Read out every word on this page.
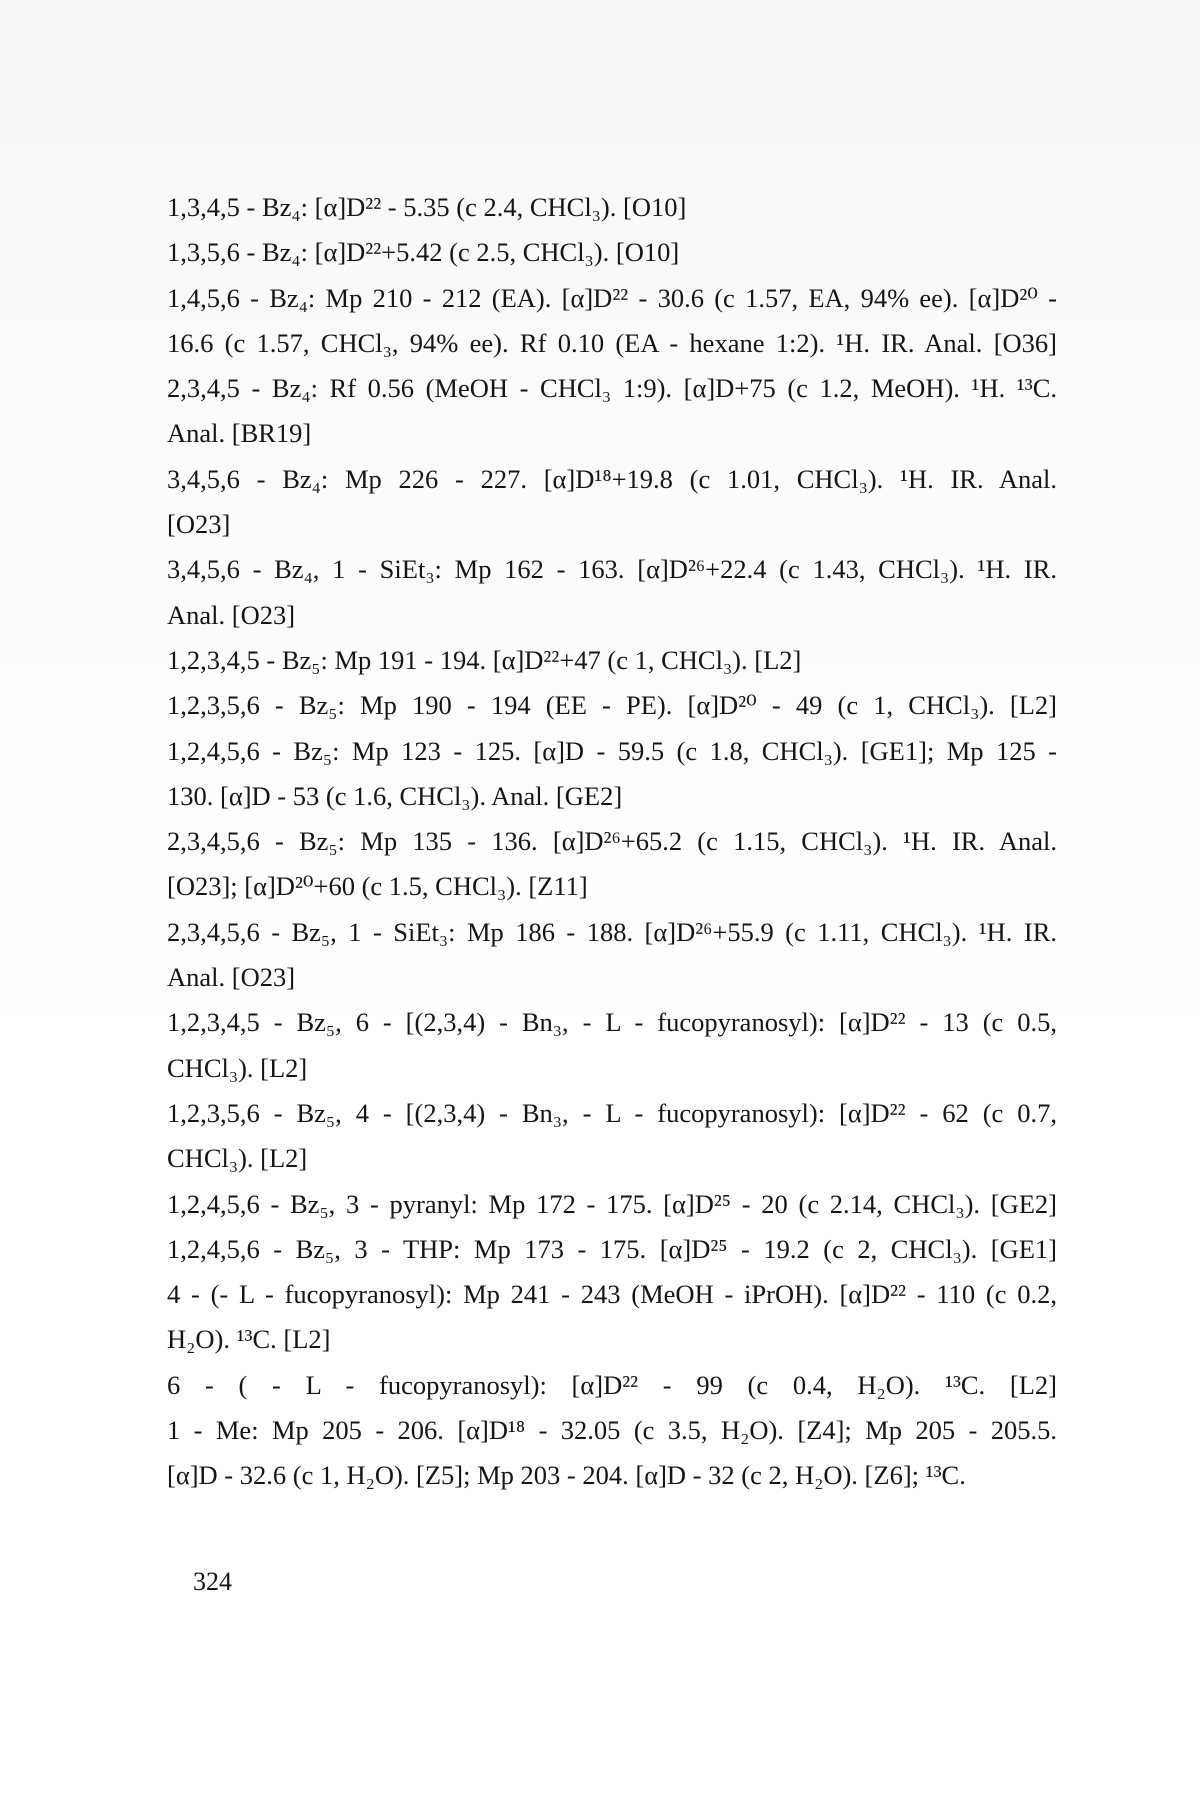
1,3,4,5 - Bz₄: [α]D²² - 5.35 (c 2.4, CHCl₃). [O10]
1,3,5,6 - Bz₄: [α]D²²+5.42 (c 2.5, CHCl₃). [O10]
1,4,5,6 - Bz₄: Mp 210 - 212 (EA). [α]D²² - 30.6 (c 1.57, EA, 94% ee). [α]D²⁰ -
16.6 (c 1.57, CHCl₃, 94% ee). Rf 0.10 (EA - hexane 1:2). ¹H. IR. Anal. [O36]
2,3,4,5 - Bz₄: Rf 0.56 (MeOH - CHCl₃ 1:9). [α]D+75 (c 1.2, MeOH). ¹H. ¹³C.
Anal. [BR19]
3,4,5,6 - Bz₄: Mp 226 - 227. [α]D¹⁸+19.8 (c 1.01, CHCl₃). ¹H. IR. Anal.
[O23]
3,4,5,6 - Bz₄, 1 - SiEt₃: Mp 162 - 163. [α]D²⁶+22.4 (c 1.43, CHCl₃). ¹H. IR.
Anal. [O23]
1,2,3,4,5 - Bz₅: Mp 191 - 194. [α]D²²+47 (c 1, CHCl₃). [L2]
1,2,3,5,6 - Bz₅: Mp 190 - 194 (EE - PE). [α]D²⁰ - 49 (c 1, CHCl₃). [L2]
1,2,4,5,6 - Bz₅: Mp 123 - 125. [α]D - 59.5 (c 1.8, CHCl₃). [GE1]; Mp 125 -
130. [α]D - 53 (c 1.6, CHCl₃). Anal. [GE2]
2,3,4,5,6 - Bz₅: Mp 135 - 136. [α]D²⁶+65.2 (c 1.15, CHCl₃). ¹H. IR. Anal.
[O23]; [α]D²⁰+60 (c 1.5, CHCl₃). [Z11]
2,3,4,5,6 - Bz₅, 1 - SiEt₃: Mp 186 - 188. [α]D²⁶+55.9 (c 1.11, CHCl₃). ¹H. IR.
Anal. [O23]
1,2,3,4,5 - Bz₅, 6 - [(2,3,4) - Bn₃, - L - fucopyranosyl): [α]D²² - 13 (c 0.5,
CHCl₃). [L2]
1,2,3,5,6 - Bz₅, 4 - [(2,3,4) - Bn₃, - L - fucopyranosyl): [α]D²² - 62 (c 0.7,
CHCl₃). [L2]
1,2,4,5,6 - Bz₅, 3 - pyranyl: Mp 172 - 175. [α]D²⁵ - 20 (c 2.14, CHCl₃). [GE2]
1,2,4,5,6 - Bz₅, 3 - THP: Mp 173 - 175. [α]D²⁵ - 19.2 (c 2, CHCl₃). [GE1]
4 - (- L - fucopyranosyl): Mp 241 - 243 (MeOH - iPrOH). [α]D²² - 110 (c 0.2,
H₂O). ¹³C. [L2]
6 - ( - L - fucopyranosyl): [α]D²² - 99 (c 0.4, H₂O). ¹³C. [L2]
1 - Me: Mp 205 - 206. [α]D¹⁸ - 32.05 (c 3.5, H₂O). [Z4]; Mp 205 - 205.5.
[α]D - 32.6 (c 1, H₂O). [Z5]; Mp 203 - 204. [α]D - 32 (c 2, H₂O). [Z6]; ¹³C.
324
